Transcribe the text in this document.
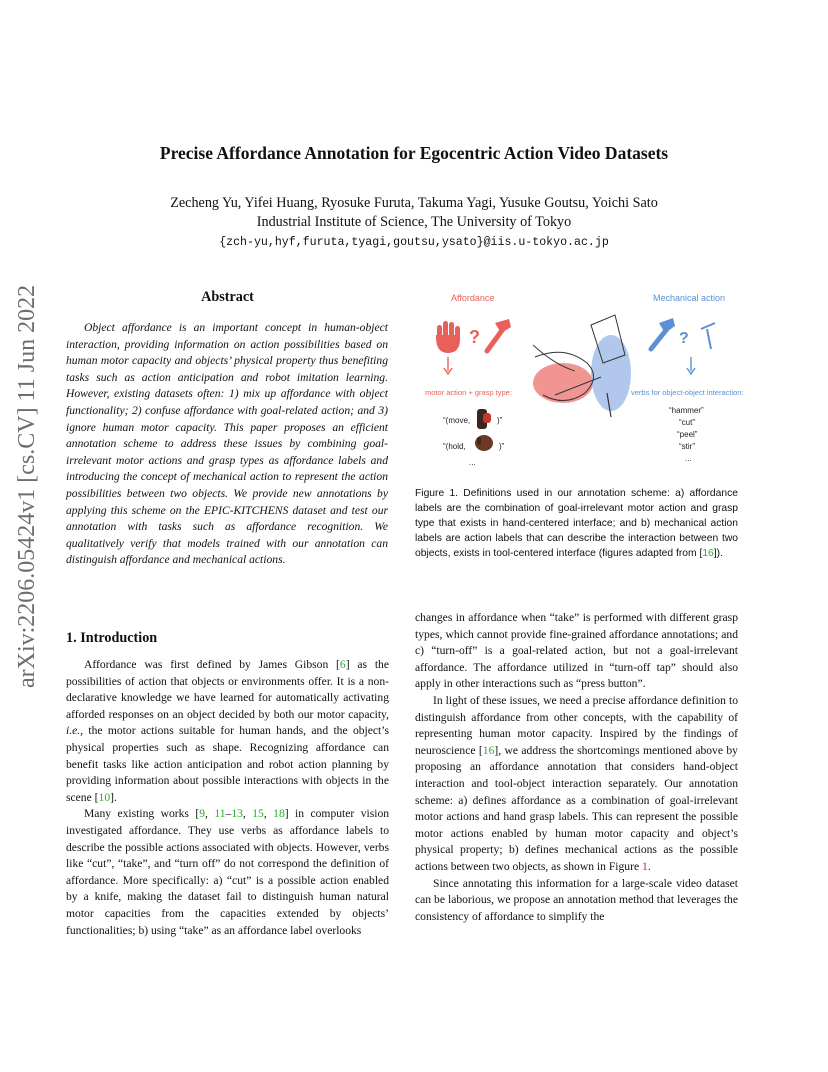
Precise Affordance Annotation for Egocentric Action Video Datasets
Zecheng Yu, Yifei Huang, Ryosuke Furuta, Takuma Yagi, Yusuke Goutsu, Yoichi Sato
Industrial Institute of Science, The University of Tokyo
{zch-yu,hyf,furuta,tyagi,goutsu,ysato}@iis.u-tokyo.ac.jp
arXiv:2206.05424v1 [cs.CV] 11 Jun 2022	Abstract
Object affordance is an important concept in human-object interaction, providing information on action possibilities based on human motor capacity and objects’ physical property thus benefiting tasks such as action anticipation and robot imitation learning. However, existing datasets often: 1) mix up affordance with object functionality; 2) confuse affordance with goal-related action; and 3) ignore human motor capacity. This paper proposes an efficient annotation scheme to address these issues by combining goal-irrelevant motor actions and grasp types as affordance labels and introducing the concept of mechanical action to represent the action possibilities between two objects. We provide new annotations by applying this scheme on the EPIC-KITCHENS dataset and test our annotation with tasks such as affordance recognition. We qualitatively verify that models trained with our annotation can distinguish affordance and mechanical actions.
1. Introduction

Affordance was first defined by James Gibson [6] as the possibilities of action that objects or environments offer. It is a non-declarative knowledge we have learned for automatically activating afforded responses on an object decided by both our motor capacity, i.e., the motor actions suitable for human hands, and the object’s physical properties such as shape. Recognizing affordance can benefit tasks like action anticipation and robot action planning by providing information about possible interactions with objects in the scene [10].

Many existing works [9, 11–13, 15, 18] in computer vision investigated affordance. They use verbs as affordance labels to describe the possible actions associated with objects. However, verbs like “cut”, “take”, and “turn off” do not correspond the definition of affordance. More specifically: a) “cut” is a possible action enabled by a knife, making the dataset fail to distinguish human natural motor capacities from the capacities extended by objects’ functionalities; b) using “take” as an affordance label overlooks

Affordance	Mechanical action
?	?
motor action + grasp type:	verbs for object-object interaction:
“(move,	)”
“(hold,	)”
...
“hammer”
“cut”
“peel”
“stir”
...
Figure 1. Definitions used in our annotation scheme: a) affordance labels are the combination of goal-irrelevant motor action and grasp type that exists in hand-centered interface; and b) mechanical action labels are action labels that can describe the interaction between two objects, exists in tool-centered interface (figures adapted from [16]).

changes in affordance when “take” is performed with different grasp types, which cannot provide fine-grained affordance annotations; and c) “turn-off” is a goal-related action, but not a goal-irrelevant affordance. The affordance utilized in “turn-off tap” should also apply in other interactions such as “press button”.

In light of these issues, we need a precise affordance definition to distinguish affordance from other concepts, with the capability of representing human motor capacity. Inspired by the findings of neuroscience [16], we address the shortcomings mentioned above by proposing an affordance annotation that considers hand-object interaction and tool-object interaction separately. Our annotation scheme: a) defines affordance as a combination of goal-irrelevant motor actions and hand grasp labels. This can represent the possible motor actions enabled by human motor capacity and object’s physical property; b) defines mechanical actions as the possible actions between two objects, as shown in Figure 1.

Since annotating this information for a large-scale video dataset can be laborious, we propose an annotation method that leverages the consistency of affordance to simplify the
